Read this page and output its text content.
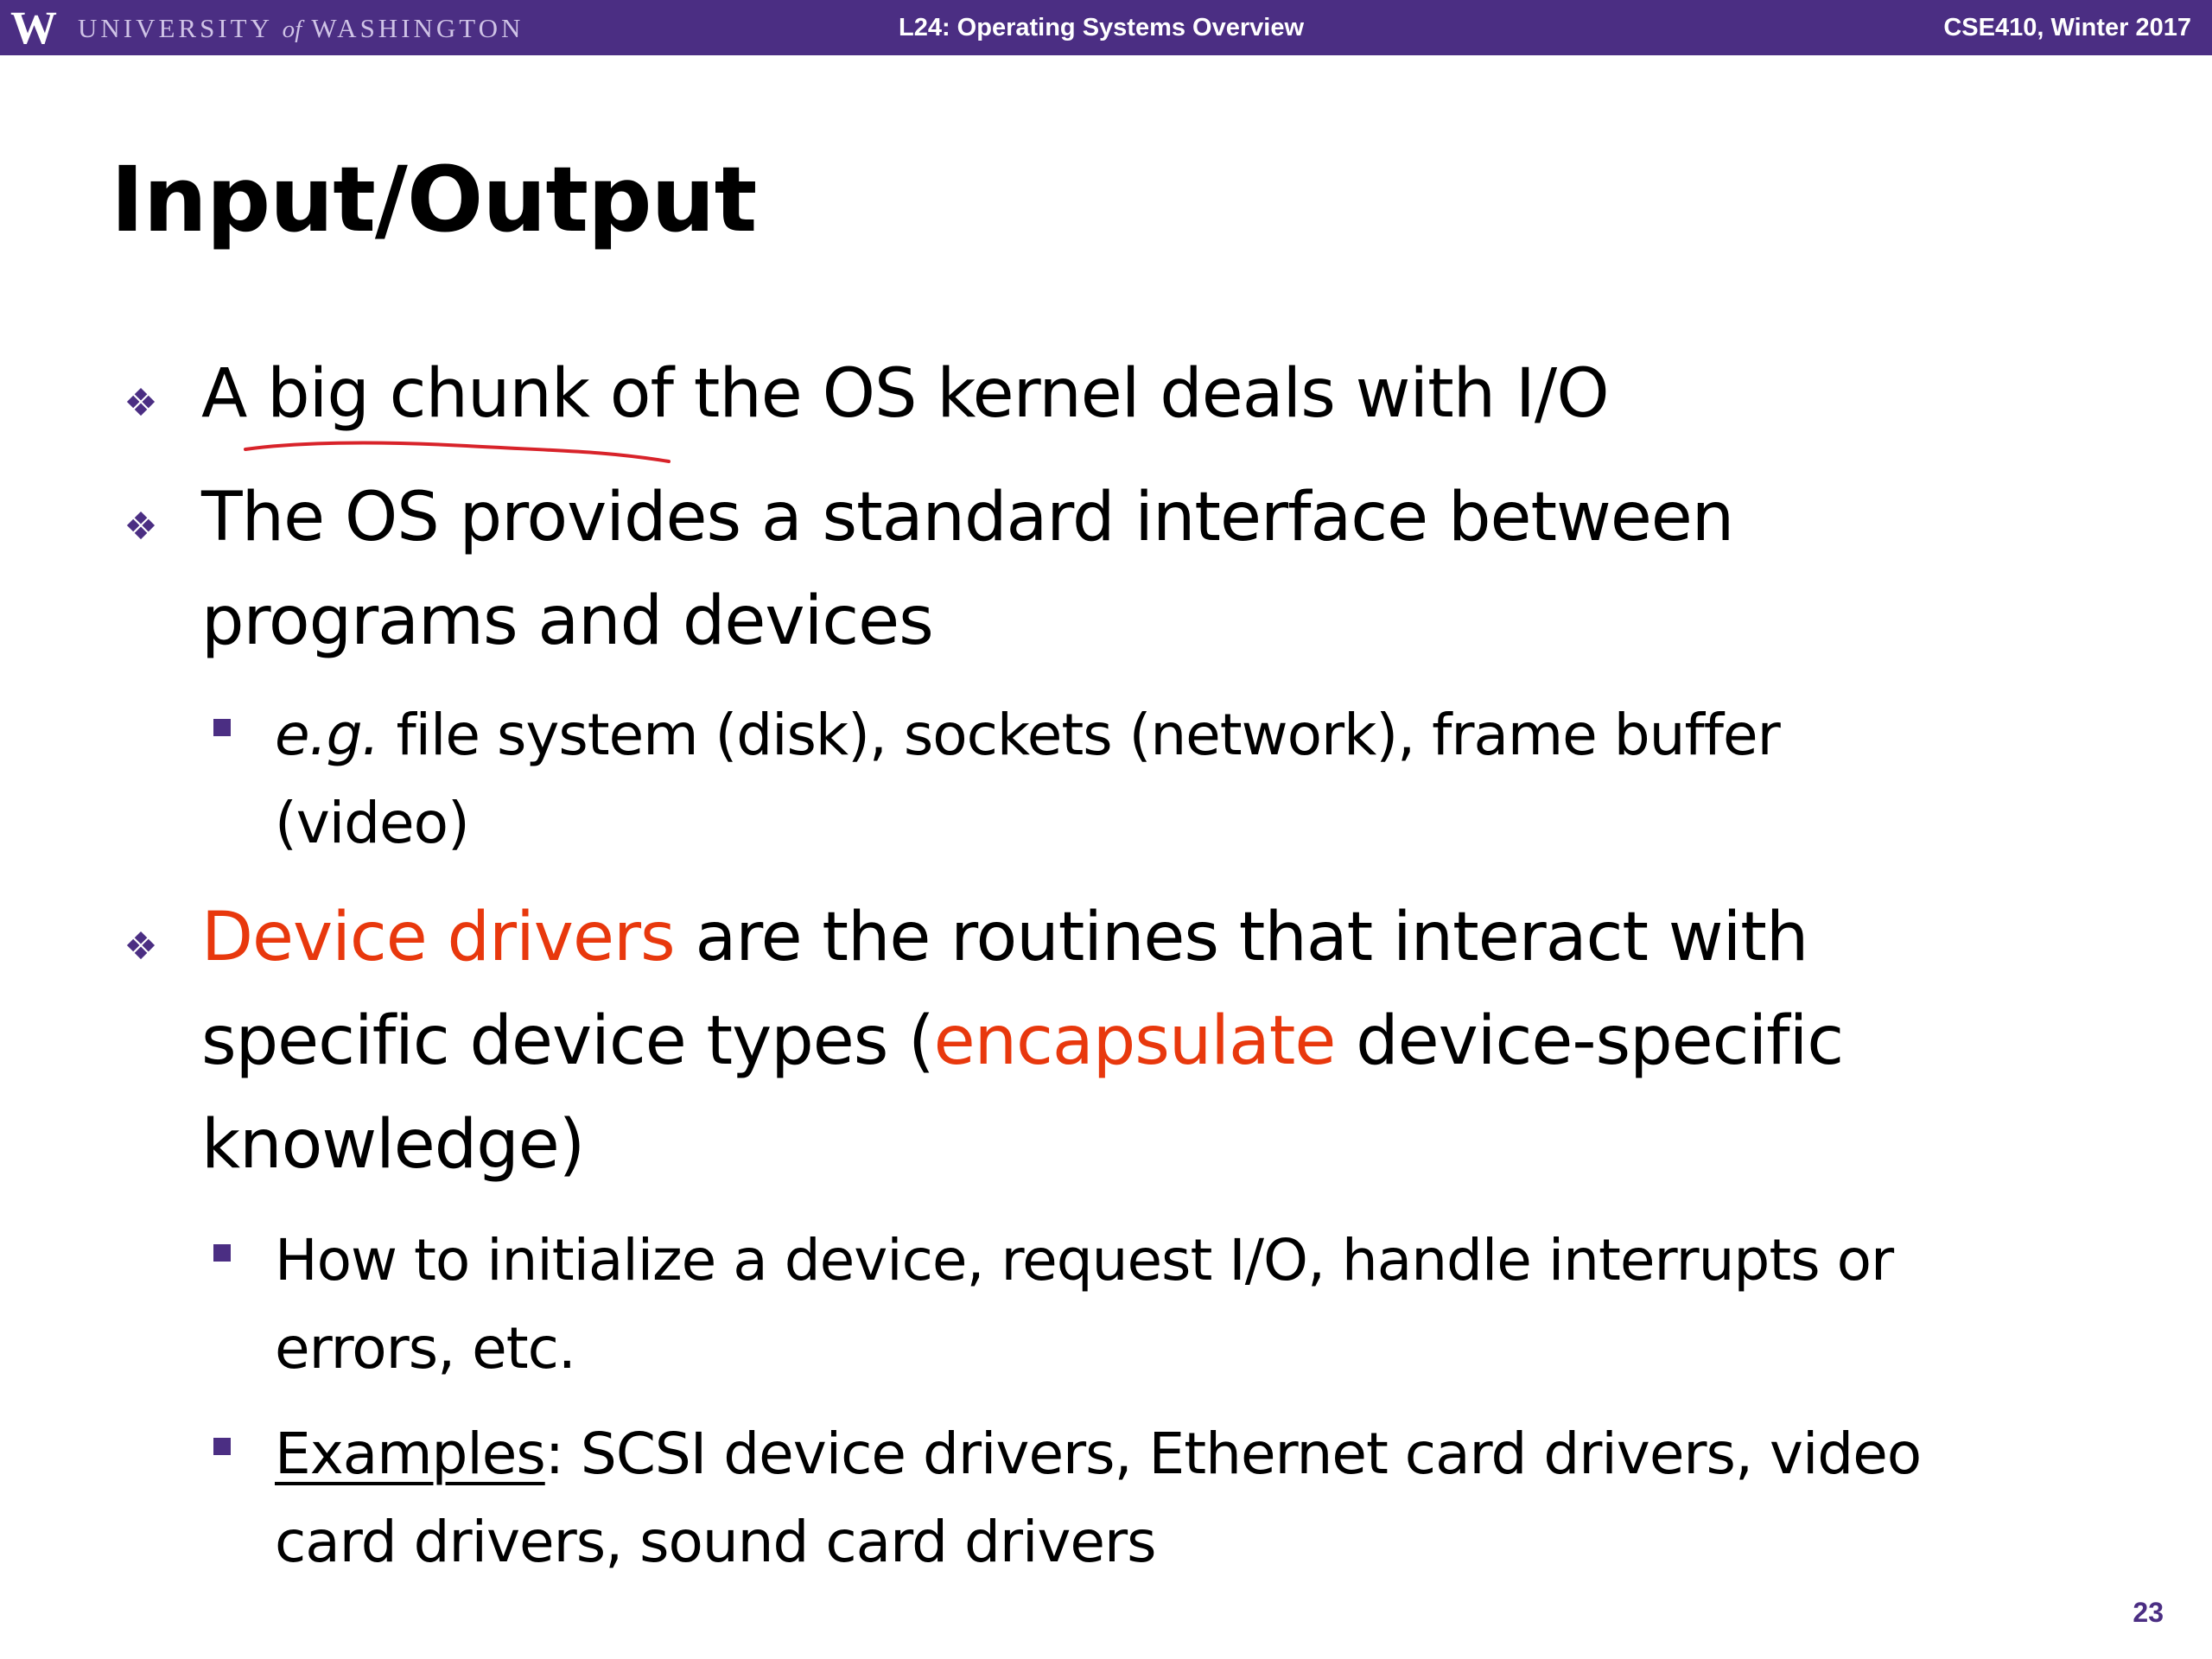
W UNIVERSITY of WASHINGTON	L24: Operating Systems Overview	CSE410, Winter 2017
Input/Output
❖ A big chunk of the OS kernel deals with I/O
❖ The OS provides a standard interface between
programs and devices
e.g. file system (disk), sockets (network), frame buffer
(video)
❖ Device drivers are the routines that interact with
specific device types (encapsulate device-specific
knowledge)
How to initialize a device, request I/O, handle interrupts or
errors, etc.
Examples: SCSI device drivers, Ethernet card drivers, video
card drivers, sound card drivers
23
